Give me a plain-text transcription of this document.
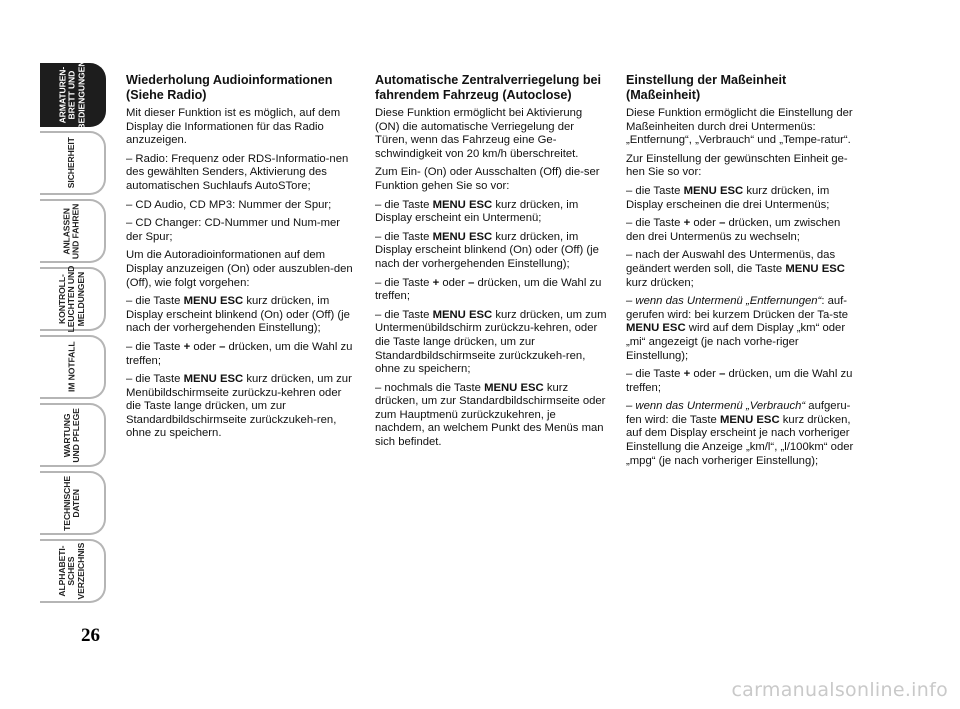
ARMATUREN-
BRETT UND
BEDIENGUNGEN
SICHERHEIT
ANLASSEN
UND FAHREN
KONTROLL-
LEUCHTEN UND
MELDUNGEN
IM NOTFALL
WARTUNG
UND PFLEGE
TECHNISCHE
DATEN
ALPHABETI-
SCHES
VERZEICHNIS
26
Wiederholung Audioinformationen (Siehe Radio)

Mit dieser Funktion ist es möglich, auf dem Display die Informationen für das Radio anzuzeigen.

– Radio: Frequenz oder RDS-Informatio-nen des gewählten Senders, Aktivierung des automatischen Suchlaufs AutoSTore;

– CD Audio, CD MP3: Nummer der Spur;

– CD Changer: CD-Nummer und Num-mer der Spur;

Um die Autoradioinformationen auf dem Display anzuzeigen (On) oder auszublen-den (Off), wie folgt vorgehen:

– die Taste MENU ESC kurz drücken, im Display erscheint blinkend (On) oder (Off) (je nach der vorhergehenden Einstellung);

– die Taste + oder – drücken, um die Wahl zu treffen;

– die Taste MENU ESC kurz drücken, um zur Menübildschirmseite zurückzu-kehren oder die Taste lange drücken, um zur Standardbildschirmseite zurückzukeh-ren, ohne zu speichern.

Automatische Zentralverriegelung bei fahrendem Fahrzeug (Autoclose)

Diese Funktion ermöglicht bei Aktivierung (ON) die automatische Verriegelung der Türen, wenn das Fahrzeug eine Ge-schwindigkeit von 20 km/h überschreitet.

Zum Ein- (On) oder Ausschalten (Off) die-ser Funktion gehen Sie so vor:

– die Taste MENU ESC kurz drücken, im Display erscheint ein Untermenü;

– die Taste MENU ESC kurz drücken, im Display erscheint blinkend (On) oder (Off) (je nach der vorhergehenden Einstellung);

– die Taste + oder – drücken, um die Wahl zu treffen;

– die Taste MENU ESC kurz drücken, um zum Untermenübildschirm zurückzu-kehren, oder die Taste lange drücken, um zur Standardbildschirmseite zurückzukeh-ren, ohne zu speichern;

– nochmals die Taste MENU ESC kurz drücken, um zur Standardbildschirmseite oder zum Hauptmenü zurückzukehren, je nachdem, an welchem Punkt des Menüs man sich befindet.

Einstellung der Maßeinheit (Maßeinheit)

Diese Funktion ermöglicht die Einstellung der Maßeinheiten durch drei Untermenüs: „Entfernung“, „Verbrauch“ und „Tempe-ratur“.

Zur Einstellung der gewünschten Einheit ge-hen Sie so vor:

– die Taste MENU ESC kurz drücken, im Display erscheinen die drei Untermenüs;

– die Taste + oder – drücken, um zwischen den drei Untermenüs zu wechseln;

– nach der Auswahl des Untermenüs, das geändert werden soll, die Taste MENU ESC kurz drücken;

– wenn das Untermenü „Entfernungen“: auf-gerufen wird: bei kurzem Drücken der Ta-ste MENU ESC wird auf dem Display „km“ oder „mi“ angezeigt (je nach vorhe-riger Einstellung);

– die Taste + oder – drücken, um die Wahl zu treffen;

– wenn das Untermenü „Verbrauch“ aufgeru-fen wird: die Taste MENU ESC kurz drücken, auf dem Display erscheint je nach vorheriger Einstellung die Anzeige „km/l“, „l/100km“ oder „mpg“ (je nach vorheriger Einstellung);

carmanualsonline.info
